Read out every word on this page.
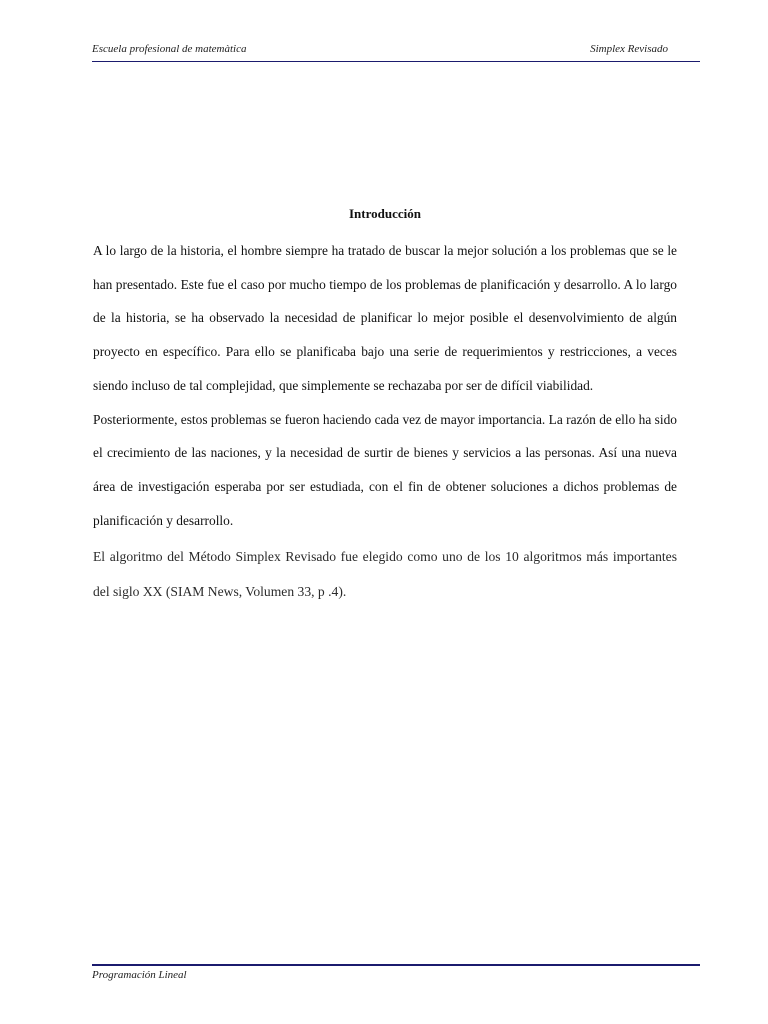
Escuela profesional de matemàtica	Simplex Revisado
Introducción

A lo largo de la historia, el hombre siempre ha tratado de buscar la mejor solución a los problemas que se le han presentado. Este fue el caso por mucho tiempo de los problemas de planificación y desarrollo. A lo largo de la historia, se ha observado la necesidad de planificar lo mejor posible el desenvolvimiento de algún proyecto en específico. Para ello se planificaba bajo una serie de requerimientos y restricciones, a veces siendo incluso de tal complejidad, que simplemente se rechazaba por ser de difícil viabilidad.

Posteriormente, estos problemas se fueron haciendo cada vez de mayor importancia. La razón de ello ha sido el crecimiento de las naciones, y la necesidad de surtir de bienes y servicios a las personas. Así una nueva área de investigación esperaba por ser estudiada, con el fin de obtener soluciones a dichos problemas de planificación y desarrollo.

El algoritmo del Método Simplex Revisado fue elegido como uno de los 10 algoritmos más importantes del siglo XX (SIAM News, Volumen 33, p .4).

Programación Lineal
